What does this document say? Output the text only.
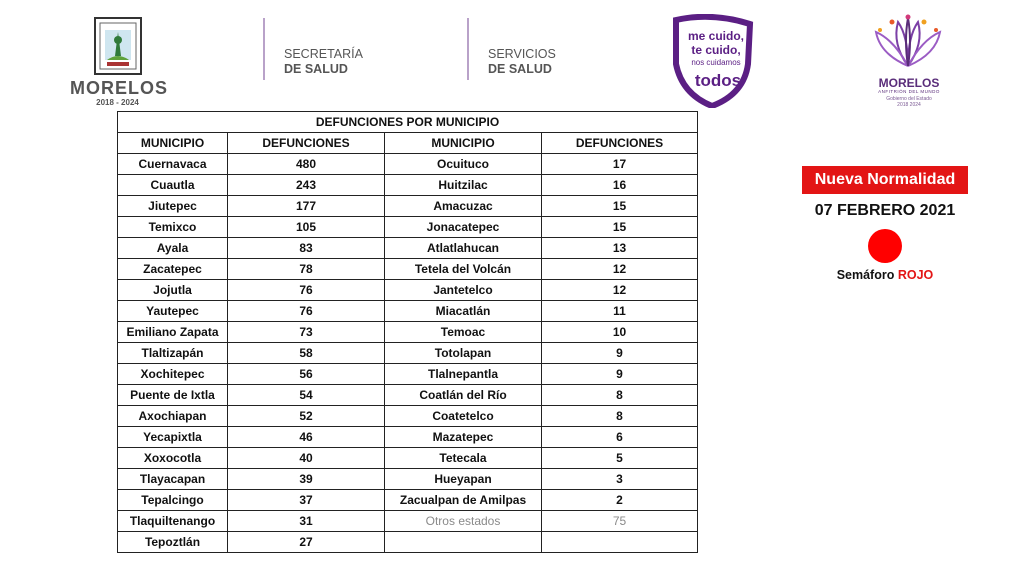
MORELOS
2018 - 2024
SECRETARÍA
DE SALUD
SERVICIOS
DE SALUD
me cuido,
te cuido,
nos cuidamos
todos	MORELOS
ANFITRIÓN DEL MUNDO
Gobierno del Estado
2018 2024
DEFUNCIONES POR MUNICIPIO			
MUNICIPIO	DEFUNCIONES	MUNICIPIO	DEFUNCIONES
Cuernavaca	480	Ocuituco	17
Cuautla	243	Huitzilac	16
Jiutepec	177	Amacuzac	15
Temixco	105	Jonacatepec	15
Ayala	83	Atlatlahucan	13
Zacatepec	78	Tetela del Volcán	12
Jojutla	76	Jantetelco	12
Yautepec	76	Miacatlán	11
Emiliano Zapata	73	Temoac	10
Tlaltizapán	58	Totolapan	9
Xochitepec	56	Tlalnepantla	9
Puente de Ixtla	54	Coatlán del Río	8
Axochiapan	52	Coatetelco	8
Yecapixtla	46	Mazatepec	6
Xoxocotla	40	Tetecala	5
Tlayacapan	39	Hueyapan	3
Tepalcingo	37	Zacualpan de Amilpas	2
Tlaquiltenango	31	Otros estados	75
Tepoztlán	27		
Nueva Normalidad
07 FEBRERO 2021
Semáforo ROJO
